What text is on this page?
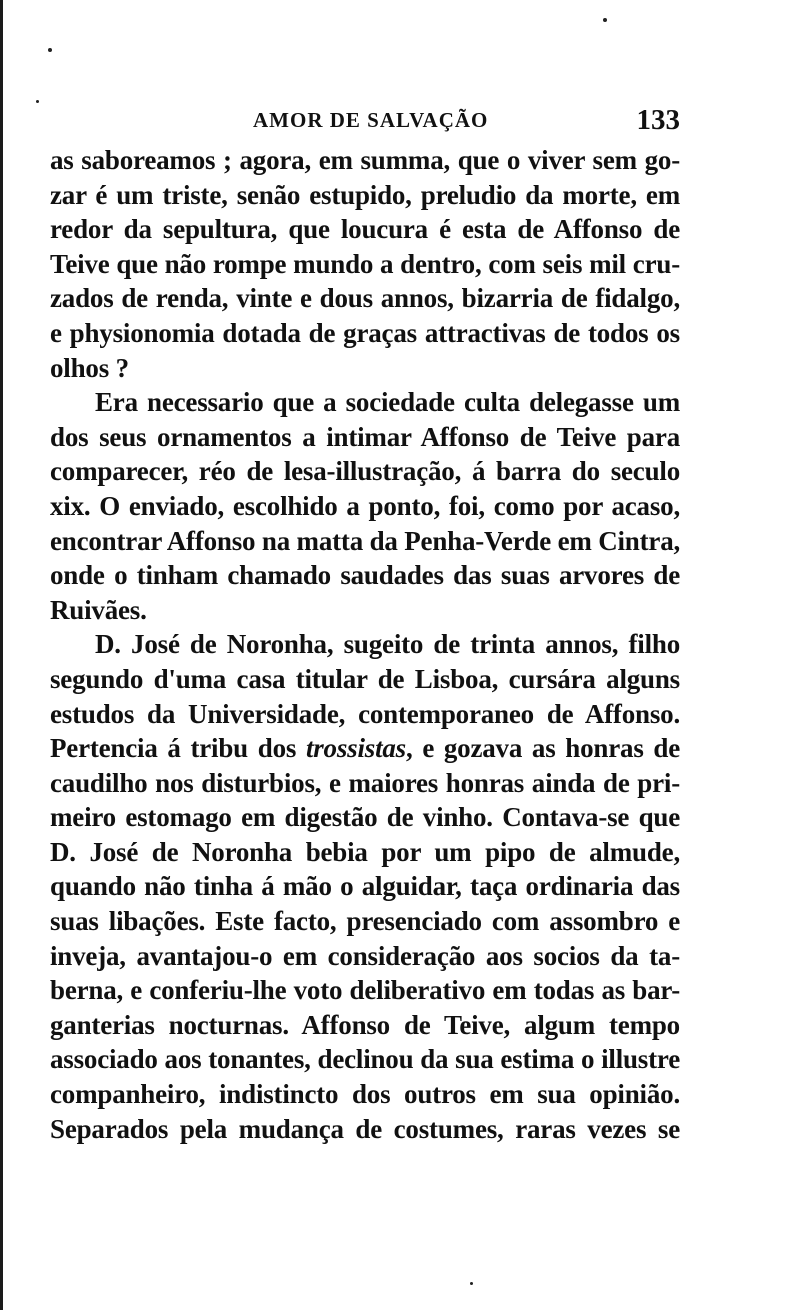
AMOR DE SALVAÇÃO	133
as saboreamos ; agora, em summa, que o viver sem go-
zar é um triste, senão estupido, preludio da morte, em
redor da sepultura, que loucura é esta de Affonso de
Teive que não rompe mundo a dentro, com seis mil cru-
zados de renda, vinte e dous annos, bizarria de fidalgo,
e physionomia dotada de graças attractivas de todos os
olhos ?
Era necessario que a sociedade culta delegasse um
dos seus ornamentos a intimar Affonso de Teive para
comparecer, réo de lesa-illustração, á barra do seculo
xix. O enviado, escolhido a ponto, foi, como por acaso,
encontrar Affonso na matta da Penha-Verde em Cintra,
onde o tinham chamado saudades das suas arvores de
Ruivães.
D. José de Noronha, sugeito de trinta annos, filho
segundo d'uma casa titular de Lisboa, cursára alguns
estudos da Universidade, contemporaneo de Affonso.
Pertencia á tribu dos trossistas, e gozava as honras de
caudilho nos disturbios, e maiores honras ainda de pri-
meiro estomago em digestão de vinho. Contava-se que
D. José de Noronha bebia por um pipo de almude,
quando não tinha á mão o alguidar, taça ordinaria das
suas libações. Este facto, presenciado com assombro e
inveja, avantajou-o em consideração aos socios da ta-
berna, e conferiu-lhe voto deliberativo em todas as bar-
ganterias nocturnas. Affonso de Teive, algum tempo
associado aos tonantes, declinou da sua estima o illustre
companheiro, indistincto dos outros em sua opinião.
Separados pela mudança de costumes, raras vezes se
